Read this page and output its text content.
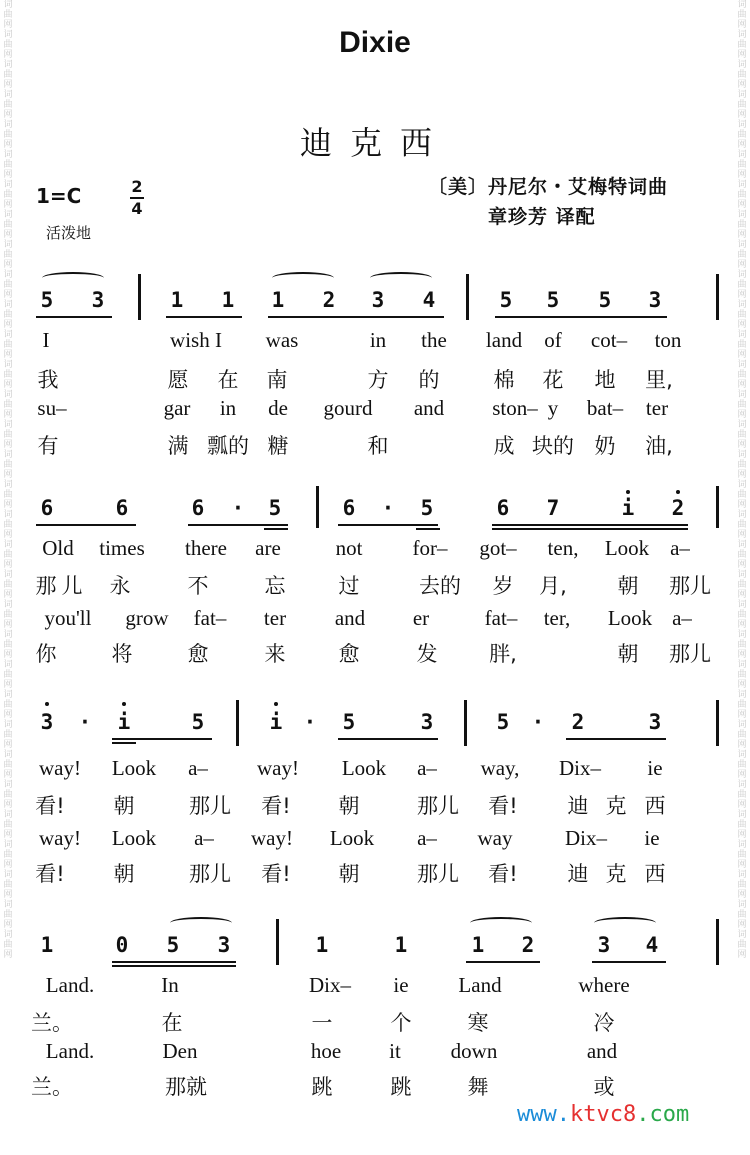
词曲网词曲网词曲网词曲网词曲网词曲网词曲网词曲网词曲网词曲网词曲网词曲网词曲网词曲网词曲网词曲网词曲网词曲网词曲网词曲网词曲网词曲网词曲网词曲网词曲网词曲网词曲网词曲网词曲网词曲网词曲网词曲网
词曲网词曲网词曲网词曲网词曲网词曲网词曲网词曲网词曲网词曲网词曲网词曲网词曲网词曲网词曲网词曲网词曲网词曲网词曲网词曲网词曲网词曲网词曲网词曲网词曲网词曲网词曲网词曲网词曲网词曲网词曲网词曲网
Dixie
迪克西
1=C	2
4
活泼地
〔美〕丹尼尔・艾梅特词曲
章珍芳 译配
5 3	1 1 1 2 3 4	5 5 5 3
I	wish I was	in the land of cot– ton
我	愿 在 南	方 的	棉 花 地 里,
su–	gar in de gourd and ston– y bat– ter
有	满 瓢的 糖	和	成 块的 奶 油,
6	6	6 · 5	6 · 5	6 7	i 2
Old times there are	not for– got– ten, Look a–
那 儿 永	不	忘	过	去的 岁 月, 朝 那儿
you'll grow fat– ter and er	fat– ter, Look a–
你	将	愈	来	愈	发 胖,	朝 那儿
3 · i	5	i · 5	3	5 · 2	3
way! Look a– way! Look a– way, Dix– ie
看! 朝	那儿 看! 朝	那儿 看! 迪 克 西
way! Look a– way! Look a– way	Dix– ie
看! 朝	那儿 看! 朝	那儿 看! 迪 克 西
1	0 5 3	1	1	1 2	3 4
Land.	In	Dix– ie Land	where
兰。	在	一	个	寒	冷
Land.	Den	hoe it down	and
兰。	那就	跳	跳	舞	或
www.ktvc8.com
